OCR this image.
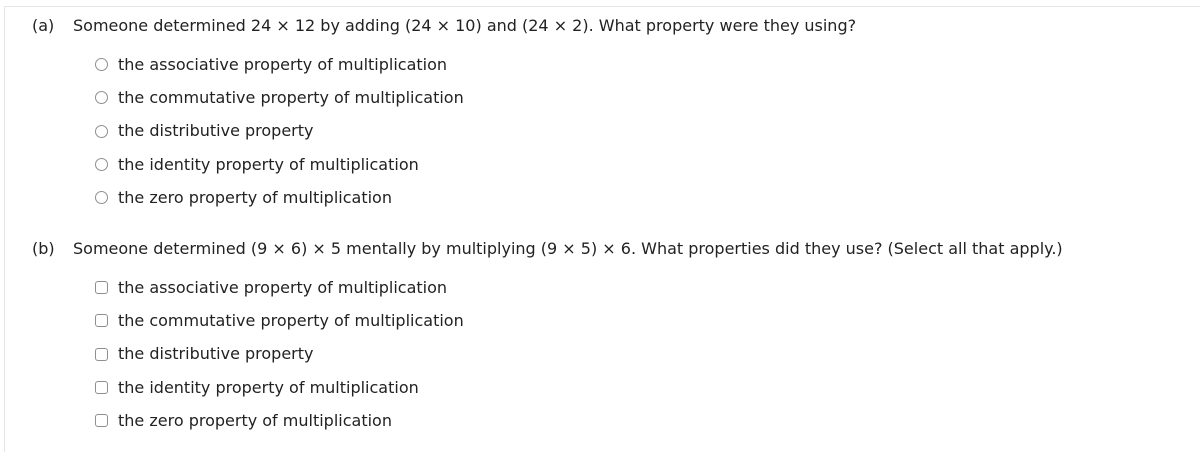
(a)	Someone determined 24 × 12 by adding (24 × 10) and (24 × 2). What property were they using?
the associative property of multiplication
the commutative property of multiplication
the distributive property
the identity property of multiplication
the zero property of multiplication
(b)	Someone determined (9 × 6) × 5 mentally by multiplying (9 × 5) × 6. What properties did they use? (Select all that apply.)
the associative property of multiplication
the commutative property of multiplication
the distributive property
the identity property of multiplication
the zero property of multiplication
